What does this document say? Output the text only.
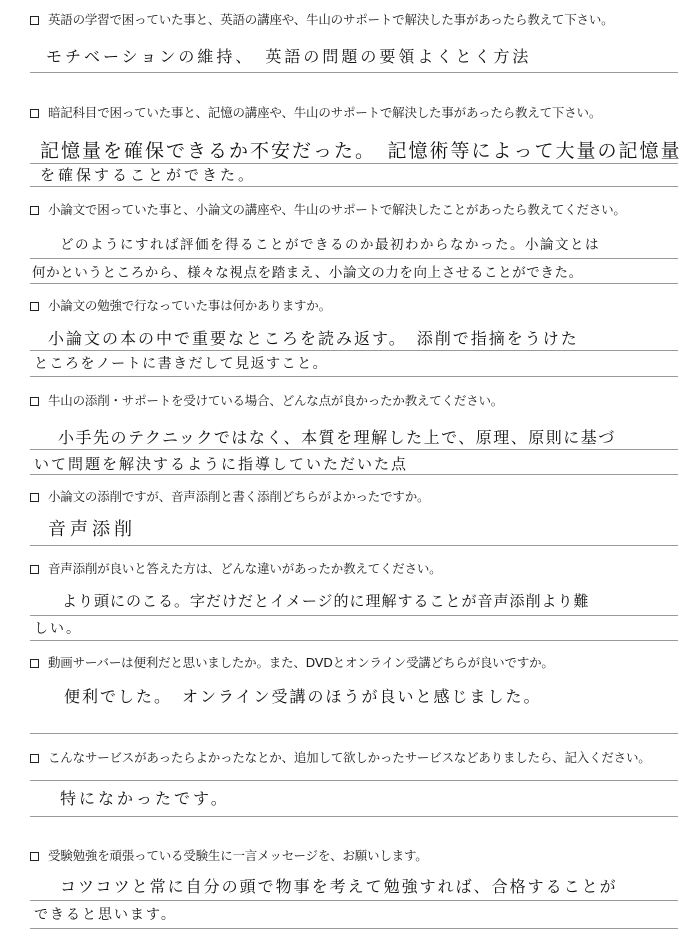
英語の学習で困っていた事と、英語の講座や、牛山のサポートで解決した事があったら教えて下さい。
モチベーションの維持、　英語の問題の要領よくとく方法
暗記科目で困っていた事と、記憶の講座や、牛山のサポートで解決した事があったら教えて下さい。
記憶量を確保できるか不安だった。　記憶術等によって大量の記憶量
を確保することができた。
小論文で困っていた事と、小論文の講座や、牛山のサポートで解決したことがあったら教えてください。
どのようにすれば評価を得ることができるのか最初わからなかった。小論文とは
何かというところから、様々な視点を踏まえ、小論文の力を向上させることができた。
小論文の勉強で行なっていた事は何かありますか。
小論文の本の中で重要なところを読み返す。　添削で指摘をうけた
ところをノートに書きだして見返すこと。
牛山の添削・サポートを受けている場合、どんな点が良かったか教えてください。
小手先のテクニックではなく、本質を理解した上で、原理、原則に基づ
いて問題を解決するように指導していただいた点
小論文の添削ですが、音声添削と書く添削どちらがよかったですか。
音声添削
音声添削が良いと答えた方は、どんな違いがあったか教えてください。
より頭にのこる。字だけだとイメージ的に理解することが音声添削より難
しい。
動画サーバーは便利だと思いましたか。また、DVDとオンライン受講どちらが良いですか。
便利でした。　オンライン受講のほうが良いと感じました。
こんなサービスがあったらよかったなとか、追加して欲しかったサービスなどありましたら、記入ください。
特になかったです。
受験勉強を頑張っている受験生に一言メッセージを、お願いします。
コツコツと常に自分の頭で物事を考えて勉強すれば、合格することが
できると思います。
